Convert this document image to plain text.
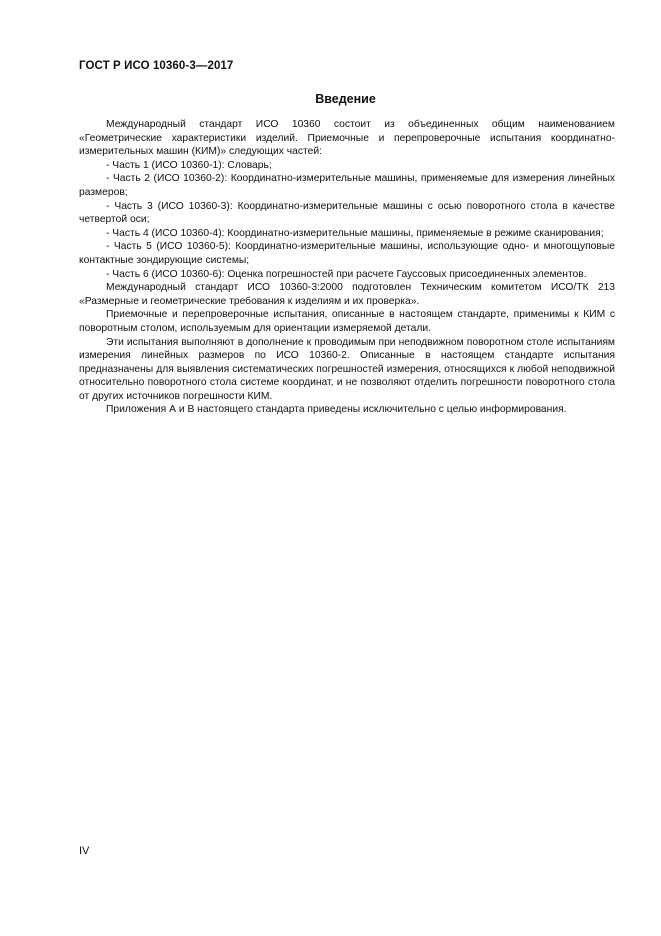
ГОСТ Р ИСО 10360-3—2017
Введение

Международный стандарт ИСО 10360 состоит из объединенных общим наименованием «Геометрические характеристики изделий. Приемочные и перепроверочные испытания координатно-измерительных машин (КИМ)» следующих частей:

- Часть 1 (ИСО 10360-1): Словарь;

- Часть 2 (ИСО 10360-2): Координатно-измерительные машины, применяемые для измерения линейных размеров;

- Часть 3 (ИСО 10360-3): Координатно-измерительные машины с осью поворотного стола в качестве четвертой оси;

- Часть 4 (ИСО 10360-4): Координатно-измерительные машины, применяемые в режиме сканирования;

- Часть 5 (ИСО 10360-5): Координатно-измерительные машины, использующие одно- и многощуповые контактные зондирующие системы;

- Часть 6 (ИСО 10360-6): Оценка погрешностей при расчете Гауссовых присоединенных элементов.

Международный стандарт ИСО 10360-3:2000 подготовлен Техническим комитетом ИСО/ТК 213 «Размерные и геометрические требования к изделиям и их проверка».

Приемочные и перепроверочные испытания, описанные в настоящем стандарте, применимы к КИМ с поворотным столом, используемым для ориентации измеряемой детали.

Эти испытания выполняют в дополнение к проводимым при неподвижном поворотном столе испытаниям измерения линейных размеров по ИСО 10360-2. Описанные в настоящем стандарте испытания предназначены для выявления систематических погрешностей измерения, относящихся к любой неподвижной относительно поворотного стола системе координат, и не позволяют отделить погрешности поворотного стола от других источников погрешности КИМ.

Приложения А и В настоящего стандарта приведены исключительно с целью информирования.

IV
